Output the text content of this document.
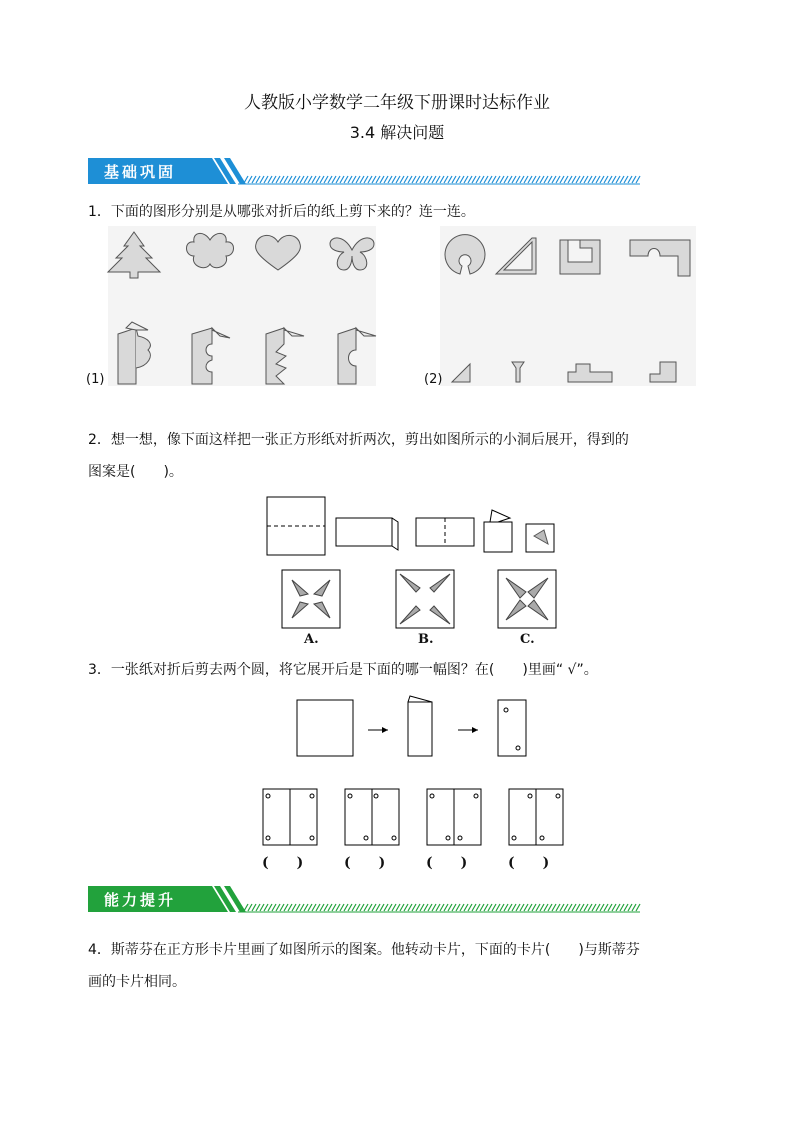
人教版小学数学二年级下册课时达标作业
3.4 解决问题
基础巩固
1．下面的图形分别是从哪张对折后的纸上剪下来的？连一连。
(1)	(2)
2．想一想，像下面这样把一张正方形纸对折两次，剪出如图所示的小洞后展开，得到的
图案是(　　)。
A.	B.	C.
3．一张纸对折后剪去两个圆，将它展开后是下面的哪一幅图？在(　　)里画“ √”。
(　　)	(　　)	(　　)	(　　)
能力提升
4．斯蒂芬在正方形卡片里画了如图所示的图案。他转动卡片，下面的卡片(　　)与斯蒂芬
画的卡片相同。
